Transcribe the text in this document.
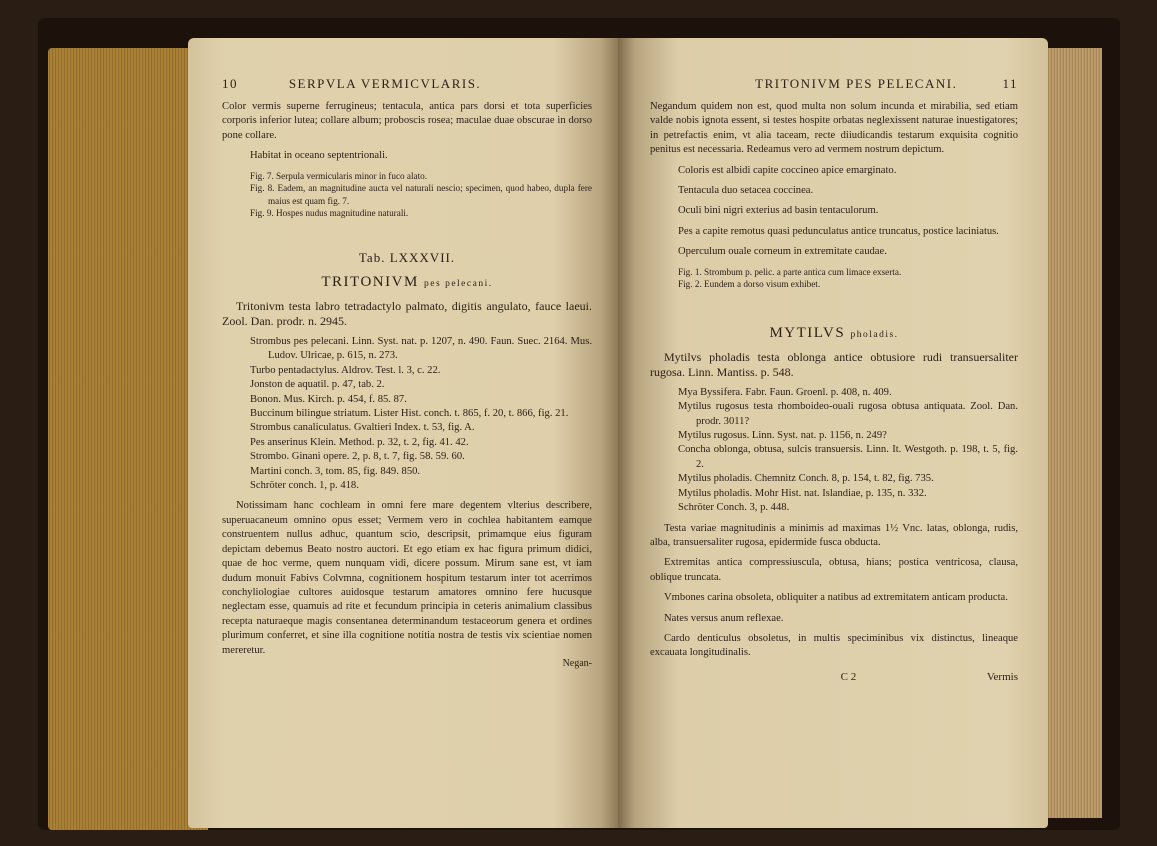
10	SERPVLA VERMICVLARIS.

Color vermis superne ferrugineus; tentacula, antica pars dorsi et tota superficies corporis inferior lutea; collare album; proboscis rosea; maculae duae obscurae in dorso pone collare.

Habitat in oceano septentrionali.

Fig. 7. Serpula vermicularis minor in fuco alato.

Fig. 8. Eadem, an magnitudine aucta vel naturali nescio; specimen, quod habeo, dupla fere maius est quam fig. 7.

Fig. 9. Hospes nudus magnitudine naturali.

Tab. LXXXVII.
TRITONIVM pes pelecani.

Tritonivm testa labro tetradactylo palmato, digitis angulato, fauce laeui. Zool. Dan. prodr. n. 2945.

Strombus pes pelecani. Linn. Syst. nat. p. 1207, n. 490. Faun. Suec. 2164. Mus. Ludov. Ulricae, p. 615, n. 273.

Turbo pentadactylus. Aldrov. Test. l. 3, c. 22.

Jonston de aquatil. p. 47, tab. 2.

Bonon. Mus. Kirch. p. 454, f. 85. 87.

Buccinum bilingue striatum. Lister Hist. conch. t. 865, f. 20, t. 866, fig. 21.

Strombus canaliculatus. Gvaltieri Index. t. 53, fig. A.

Pes anserinus Klein. Method. p. 32, t. 2, fig. 41. 42.

Strombo. Ginani opere. 2, p. 8, t. 7, fig. 58. 59. 60.

Martini conch. 3, tom. 85, fig. 849. 850.

Schröter conch. 1, p. 418.

Notissimam hanc cochleam in omni fere mare degentem vlterius describere, superuacaneum omnino opus esset; Vermem vero in cochlea habitantem eamque construentem nullus adhuc, quantum scio, descripsit, primamque eius figuram depictam debemus Beato nostro auctori. Et ego etiam ex hac figura primum didici, quae de hoc verme, quem nunquam vidi, dicere possum. Mirum sane est, vt iam dudum monuit Fabivs Colvmna, cognitionem hospitum testarum inter tot acerrimos conchyliologiae cultores auidosque testarum amatores omnino fere hucusque neglectam esse, quamuis ad rite et fecundum principia in ceteris animalium classibus recepta naturaeque magis consentanea determinandum testaceorum genera et ordines plurimum conferret, et sine illa cognitione notitia nostra de testis vix scientiae nomen mereretur.

Negan-
TRITONIVM PES PELECANI.	11

Negandum quidem non est, quod multa non solum incunda et mirabilia, sed etiam valde nobis ignota essent, si testes hospite orbatas neglexissent naturae inuestigatores; in petrefactis enim, vt alia taceam, recte diiudicandis testarum exquisita cognitio penitus est necessaria. Redeamus vero ad vermem nostrum depictum.

Coloris est albidi capite coccineo apice emarginato.

Tentacula duo setacea coccinea.

Oculi bini nigri exterius ad basin tentaculorum.

Pes a capite remotus quasi pedunculatus antice truncatus, postice laciniatus.

Operculum ouale corneum in extremitate caudae.

Fig. 1. Strombum p. pelic. a parte antica cum limace exserta.

Fig. 2. Eundem a dorso visum exhibet.

MYTILVS pholadis.

Mytilvs pholadis testa oblonga antice obtusiore rudi transuersaliter rugosa. Linn. Mantiss. p. 548.

Mya Byssifera. Fabr. Faun. Groenl. p. 408, n. 409.

Mytilus rugosus testa rhomboideo-ouali rugosa obtusa antiquata. Zool. Dan. prodr. 3011?

Mytilus rugosus. Linn. Syst. nat. p. 1156, n. 249?

Concha oblonga, obtusa, sulcis transuersis. Linn. It. Westgoth. p. 198, t. 5, fig. 2.

Mytilus pholadis. Chemnitz Conch. 8, p. 154, t. 82, fig. 735.

Mytilus pholadis. Mohr Hist. nat. Islandiae, p. 135, n. 332.

Schröter Conch. 3, p. 448.

Testa variae magnitudinis a minimis ad maximas 1½ Vnc. latas, oblonga, rudis, alba, transuersaliter rugosa, epidermide fusca obducta.

Extremitas antica compressiuscula, obtusa, hians; postica ventricosa, clausa, oblique truncata.

Vmbones carina obsoleta, obliquiter a natibus ad extremitatem anticam producta.

Nates versus anum reflexae.

Cardo denticulus obsoletus, in multis speciminibus vix distinctus, lineaque excauata longitudinalis.

C 2	Vermis
